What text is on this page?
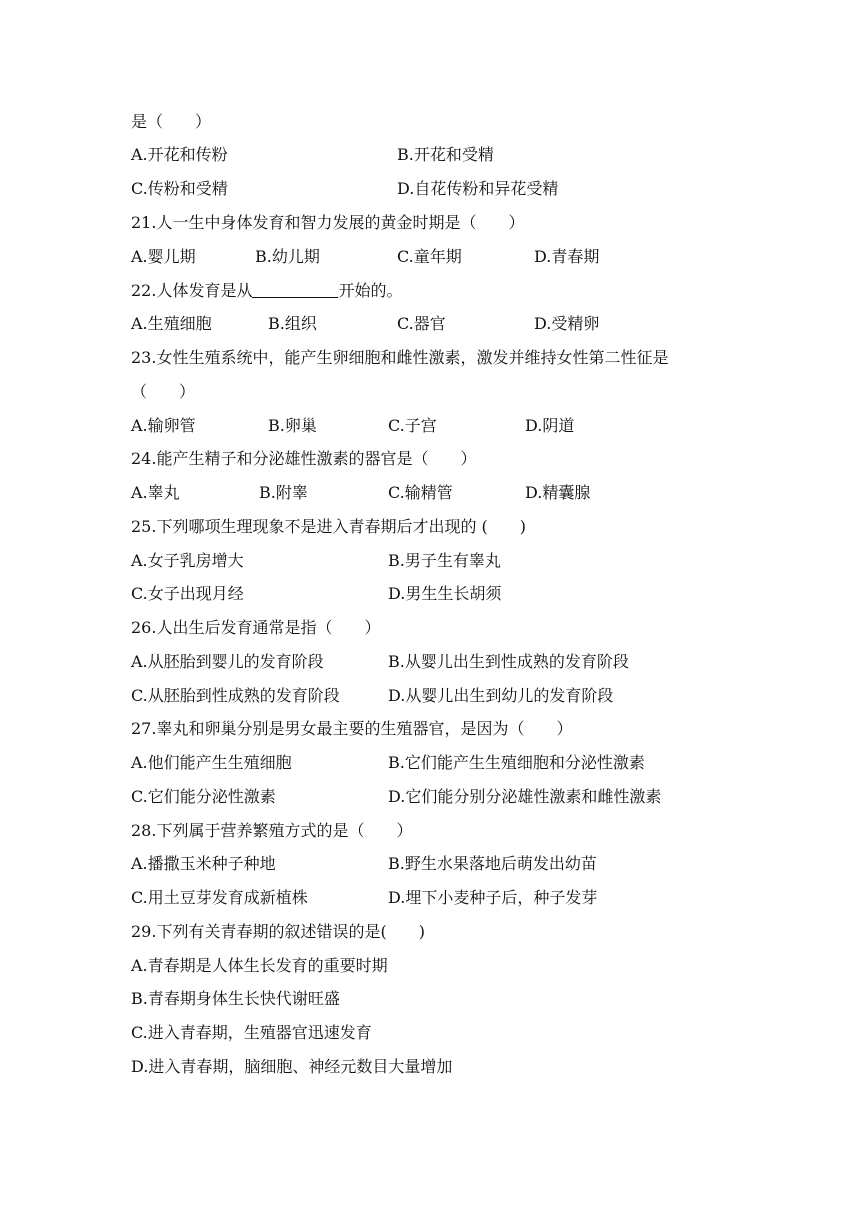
是（　　）
A.开花和传粉	B.开花和受精
C.传粉和受精	D.自花传粉和异花受精
21.人一生中身体发育和智力发展的黄金时期是（　　）
A.婴儿期	B.幼儿期	C.童年期	D.青春期
22.人体发育是从	开始的。
A.生殖细胞	B.组织	C.器官	D.受精卵
23.女性生殖系统中，能产生卵细胞和雌性激素，激发并维持女性第二性征是
（　　）
A.输卵管	B.卵巢	C.子宫	D.阴道
24.能产生精子和分泌雄性激素的器官是（　　）
A.睾丸	B.附睾	C.输精管	D.精囊腺
25.下列哪项生理现象不是进入青春期后才出现的 (　　)
A.女子乳房增大	B.男子生有睾丸
C.女子出现月经	D.男生生长胡须
26.人出生后发育通常是指（　　）
A.从胚胎到婴儿的发育阶段	B.从婴儿出生到性成熟的发育阶段
C.从胚胎到性成熟的发育阶段	D.从婴儿出生到幼儿的发育阶段
27.睾丸和卵巢分别是男女最主要的生殖器官，是因为（　　）
A.他们能产生生殖细胞	B.它们能产生生殖细胞和分泌性激素
C.它们能分泌性激素	D.它们能分别分泌雄性激素和雌性激素
28.下列属于营养繁殖方式的是（　　）
A.播撒玉米种子种地	B.野生水果落地后萌发出幼苗
C.用土豆芽发育成新植株	D.埋下小麦种子后，种子发芽
29.下列有关青春期的叙述错误的是(　　)
A.青春期是人体生长发育的重要时期
B.青春期身体生长快代谢旺盛
C.进入青春期，生殖器官迅速发育
D.进入青春期，脑细胞、神经元数目大量增加
